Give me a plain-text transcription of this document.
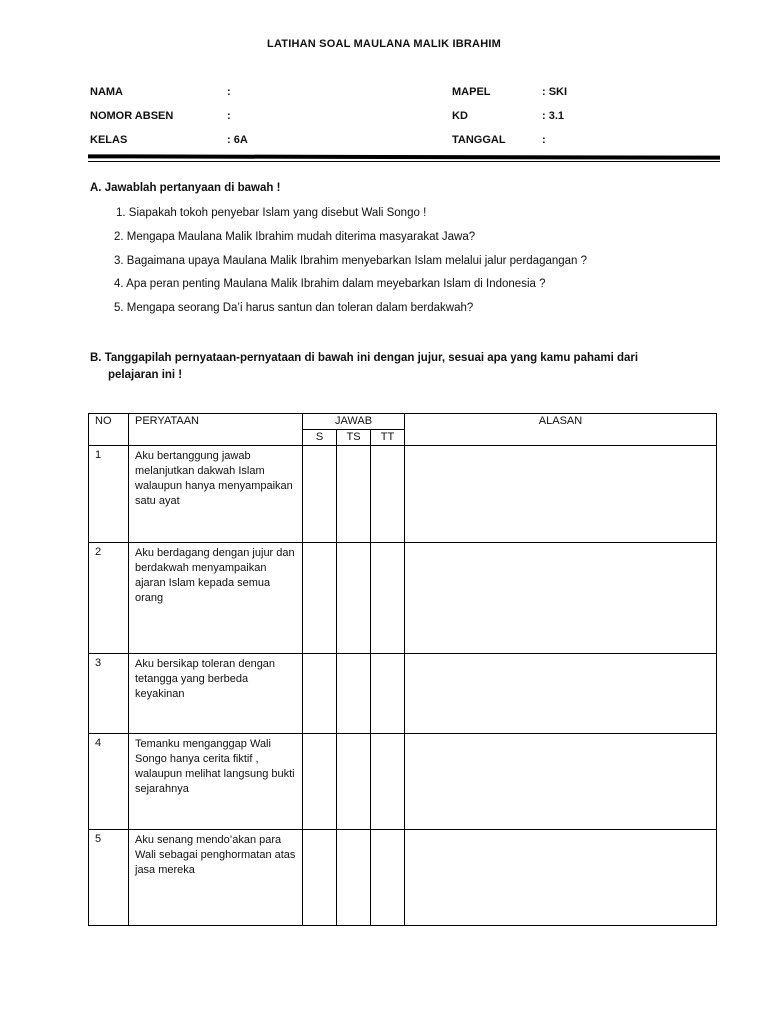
LATIHAN SOAL MAULANA MALIK IBRAHIM
NAMA	:
NOMOR ABSEN	:
KELAS	: 6A
MAPEL	: SKI
KD	: 3.1
TANGGAL	:
A. Jawablah pertanyaan di bawah !
1. Siapakah tokoh penyebar Islam yang disebut Wali Songo !
2. Mengapa Maulana Malik Ibrahim mudah diterima masyarakat Jawa?
3. Bagaimana upaya Maulana Malik Ibrahim menyebarkan Islam melalui jalur perdagangan ?
4. Apa peran penting Maulana Malik Ibrahim dalam meyebarkan Islam di Indonesia ?
5. Mengapa seorang Da’i harus santun dan toleran dalam berdakwah?
B. Tanggapilah pernyataan-pernyataan di bawah ini dengan jujur, sesuai apa yang kamu pahami dari
pelajaran ini !
NO	PERYATAAN	JAWAB			ALASAN
		S	TS	TT	
1	Aku bertanggung jawab melanjutkan dakwah Islam walaupun hanya menyampaikan satu ayat				
2	Aku berdagang dengan jujur dan berdakwah menyampaikan ajaran Islam kepada semua orang				
3	Aku bersikap toleran dengan tetangga yang berbeda keyakinan				
4	Temanku menganggap Wali Songo hanya cerita fiktif , walaupun melihat langsung bukti sejarahnya				
5	Aku senang mendo’akan para Wali sebagai penghormatan atas jasa mereka				
